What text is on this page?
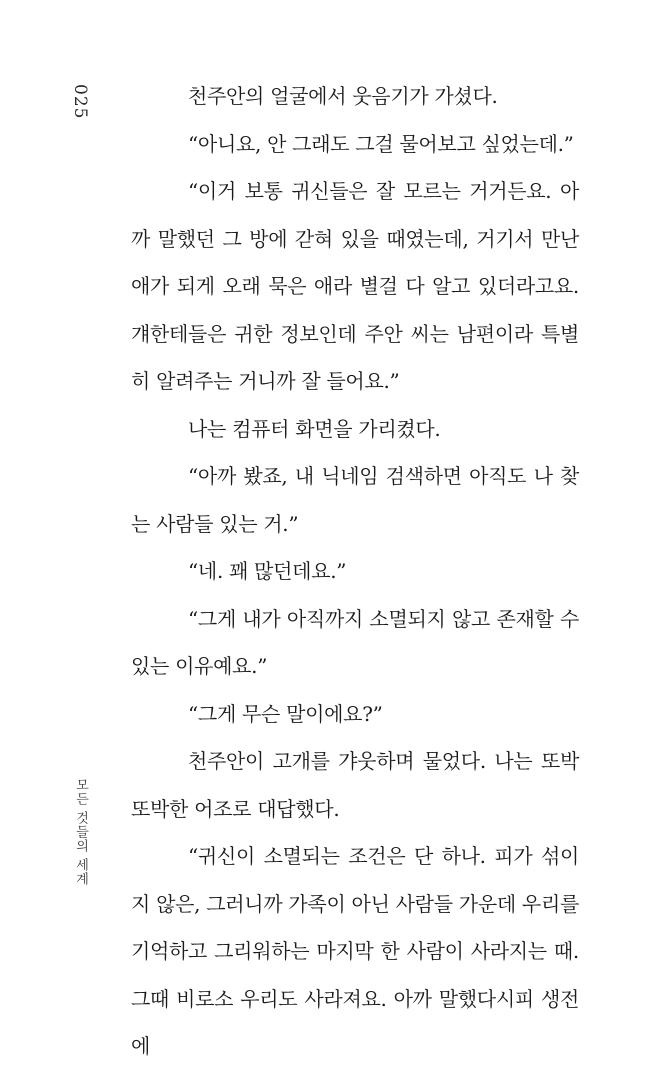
025
모든 것들의 세계

천주안의 얼굴에서 웃음기가 가셨다.

“아니요, 안 그래도 그걸 물어보고 싶었는데.”

“이거 보통 귀신들은 잘 모르는 거거든요. 아까 말했던 그 방에 갇혀 있을 때였는데, 거기서 만난 애가 되게 오래 묵은 애라 별걸 다 알고 있더라고요. 걔한테들은 귀한 정보인데 주안 씨는 남편이라 특별히 알려주는 거니까 잘 들어요.”

나는 컴퓨터 화면을 가리켰다.

“아까 봤죠, 내 닉네임 검색하면 아직도 나 찾는 사람들 있는 거.”

“네. 꽤 많던데요.”

“그게 내가 아직까지 소멸되지 않고 존재할 수 있는 이유예요.”

“그게 무슨 말이에요?”

천주안이 고개를 갸웃하며 물었다. 나는 또박또박한 어조로 대답했다.

“귀신이 소멸되는 조건은 단 하나. 피가 섞이지 않은, 그러니까 가족이 아닌 사람들 가운데 우리를 기억하고 그리워하는 마지막 한 사람이 사라지는 때. 그때 비로소 우리도 사라져요. 아까 말했다시피 생전에
